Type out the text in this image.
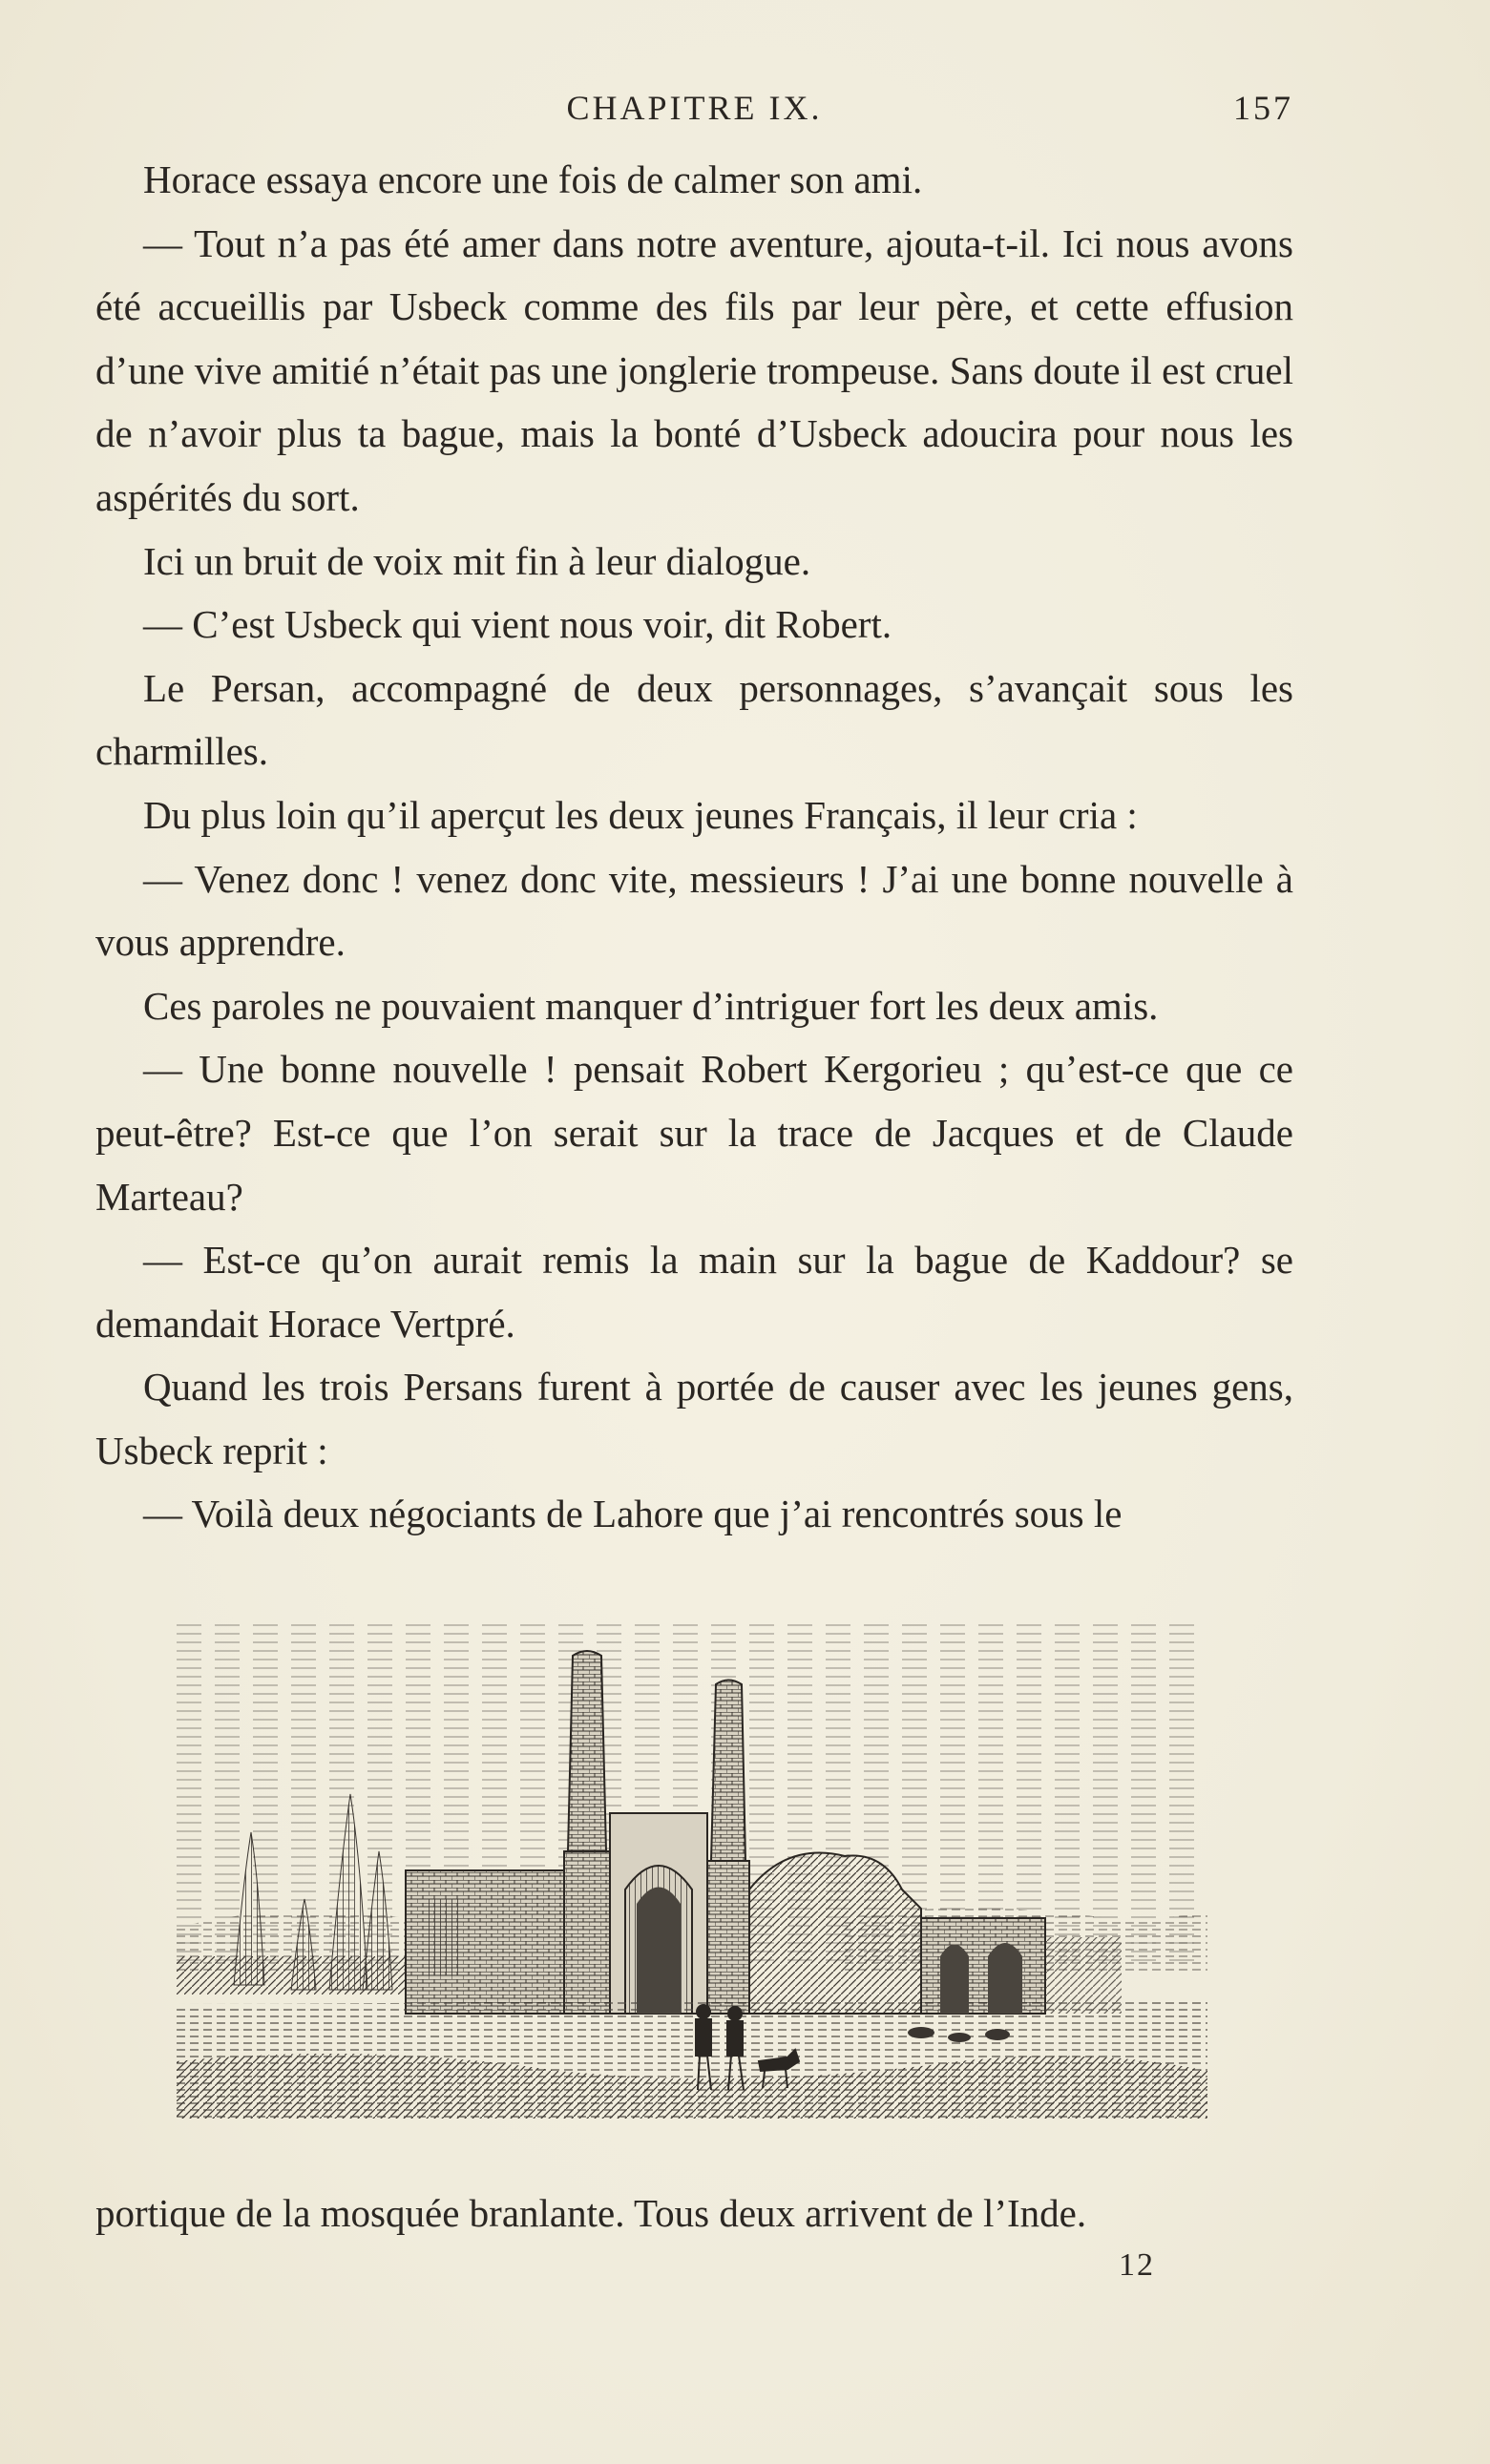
CHAPITRE IX.	157

Horace essaya encore une fois de calmer son ami.

— Tout n’a pas été amer dans notre aventure, ajouta-t-il. Ici nous avons été accueillis par Usbeck comme des fils par leur père, et cette effusion d’une vive amitié n’était pas une jonglerie trompeuse. Sans doute il est cruel de n’avoir plus ta bague, mais la bonté d’Usbeck adoucira pour nous les aspérités du sort.

Ici un bruit de voix mit fin à leur dialogue.

— C’est Usbeck qui vient nous voir, dit Robert.

Le Persan, accompagné de deux personnages, s’avançait sous les charmilles.

Du plus loin qu’il aperçut les deux jeunes Français, il leur cria :

— Venez donc ! venez donc vite, messieurs ! J’ai une bonne nouvelle à vous apprendre.

Ces paroles ne pouvaient manquer d’intriguer fort les deux amis.

— Une bonne nouvelle ! pensait Robert Kergorieu ; qu’est-ce que ce peut-être? Est-ce que l’on serait sur la trace de Jacques et de Claude Marteau?

— Est-ce qu’on aurait remis la main sur la bague de Kaddour? se demandait Horace Vertpré.

Quand les trois Persans furent à portée de causer avec les jeunes gens, Usbeck reprit :

— Voilà deux négociants de Lahore que j’ai rencontrés sous le

portique de la mosquée branlante. Tous deux arrivent de l’Inde.

12
